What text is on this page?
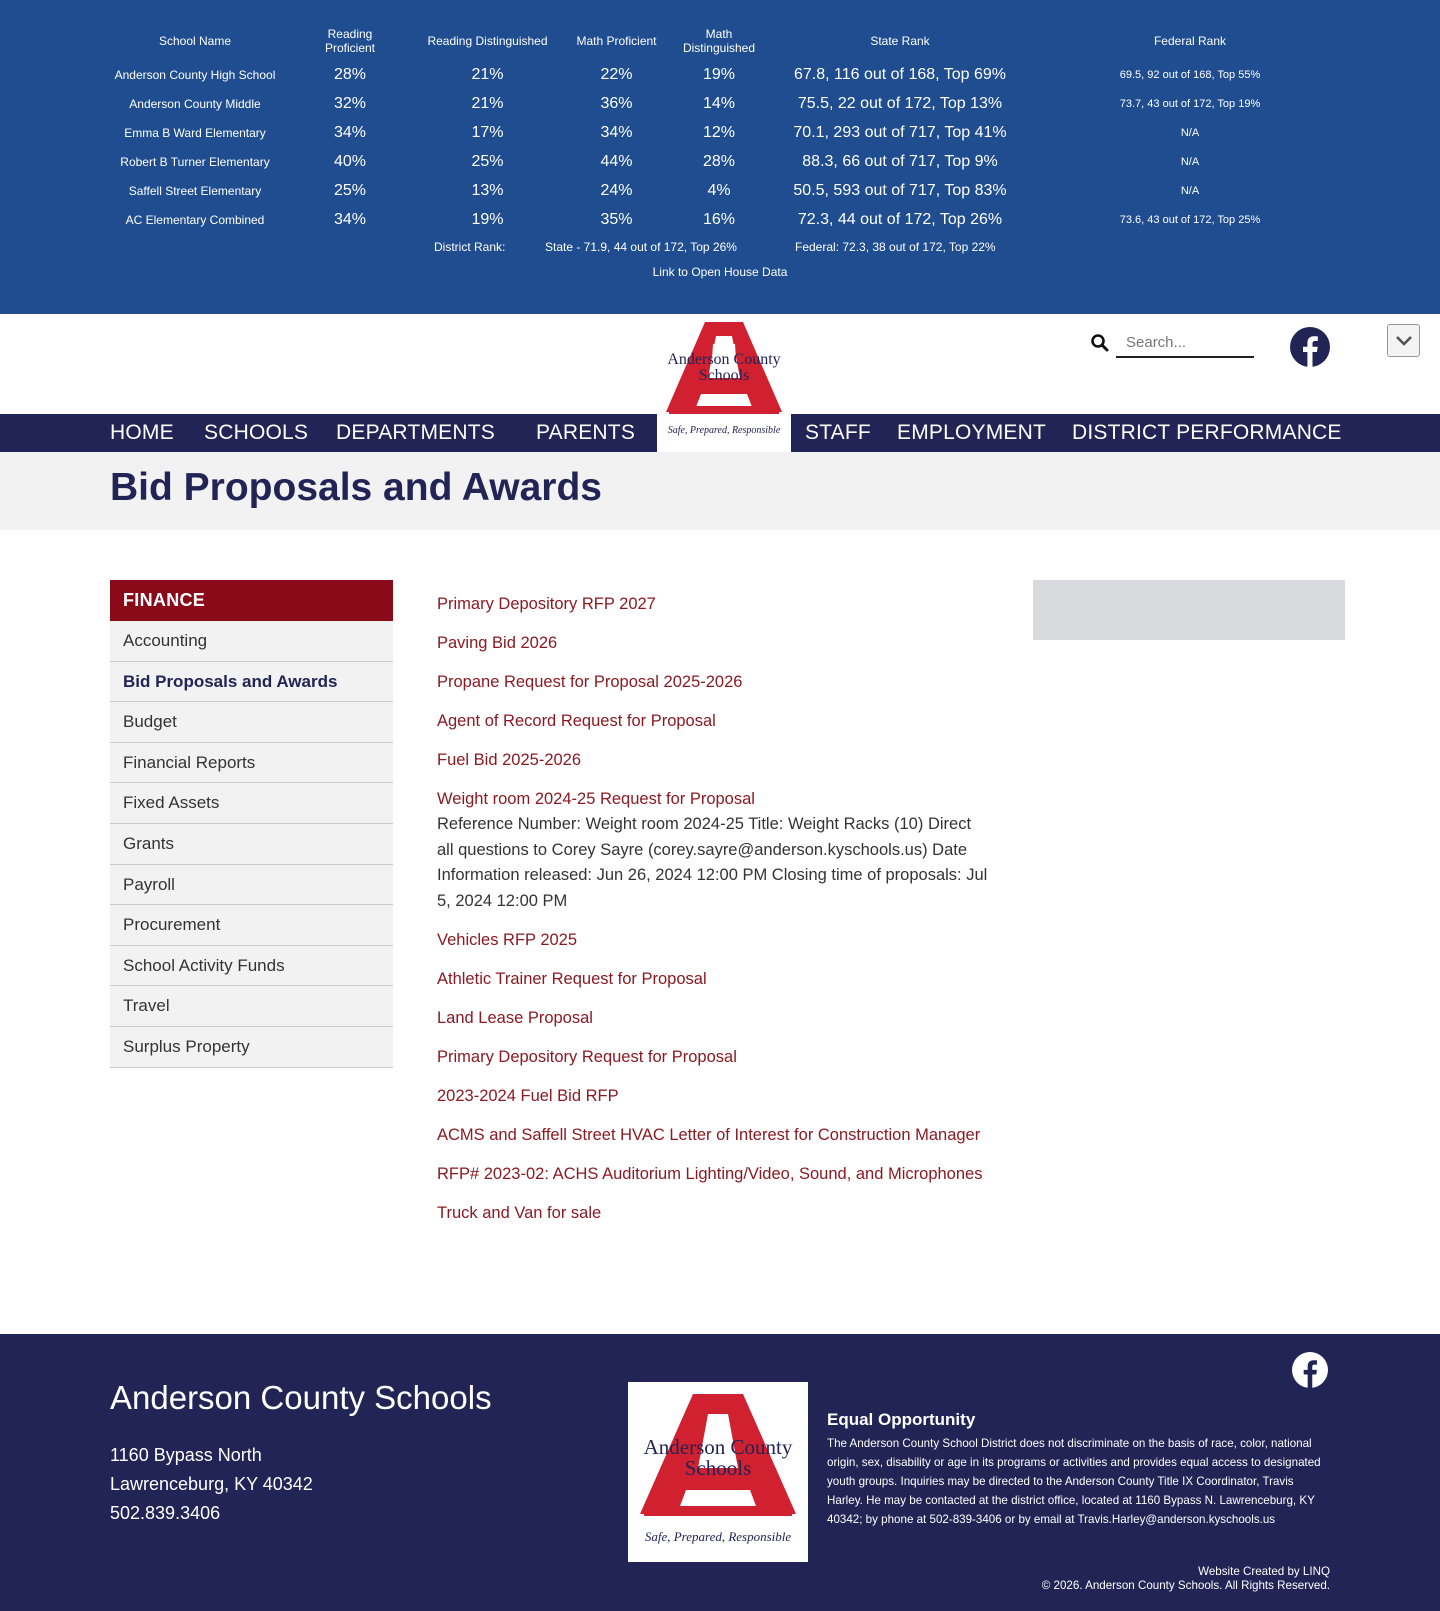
School Name	Reading Proficient	Reading Distinguished	Math Proficient	Math Distinguished	State Rank	Federal Rank
Anderson County High School	28%	21%	22%	19%	67.8, 116 out of 168, Top 69%	69.5, 92 out of 168, Top 55%
Anderson County Middle	32%	21%	36%	14%	75.5, 22 out of 172, Top 13%	73.7, 43 out of 172, Top 19%
Emma B Ward Elementary	34%	17%	34%	12%	70.1, 293 out of 717, Top 41%	N/A
Robert B Turner Elementary	40%	25%	44%	28%	88.3, 66 out of 717, Top 9%	N/A
Saffell Street Elementary	25%	13%	24%	4%	50.5, 593 out of 717, Top 83%	N/A
AC Elementary Combined	34%	19%	35%	16%	72.3, 44 out of 172, Top 26%	73.6, 43 out of 172, Top 25%
District Rank:	State - 71.9, 44 out of 172, Top 26%	Federal: 72.3, 38 out of 172, Top 22%
Link to Open House Data
Search...
Anderson County
Schools
Safe, Prepared, Responsible
HOME SCHOOLS DEPARTMENTS PARENTS	STAFF EMPLOYMENT DISTRICT PERFORMANCE
Bid Proposals and Awards
FINANCE
Accounting
Bid Proposals and Awards
Budget
Financial Reports
Fixed Assets
Grants
Payroll
Procurement
School Activity Funds
Travel
Surplus Property
Primary Depository RFP 2027
Paving Bid 2026
Propane Request for Proposal 2025-2026
Agent of Record Request for Proposal
Fuel Bid 2025-2026
Weight room 2024-25 Request for Proposal

Reference Number: Weight room 2024-25 Title: Weight Racks (10) Direct all questions to Corey Sayre (corey.sayre@anderson.kyschools.us) Date Information released: Jun 26, 2024 12:00 PM Closing time of proposals: Jul 5, 2024 12:00 PM

Vehicles RFP 2025
Athletic Trainer Request for Proposal
Land Lease Proposal
Primary Depository Request for Proposal
2023-2024 Fuel Bid RFP
ACMS and Saffell Street HVAC Letter of Interest for Construction Manager
RFP# 2023-02: ACHS Auditorium Lighting/Video, Sound, and Microphones
Truck and Van for sale
Anderson County Schools
1160 Bypass North
Lawrenceburg, KY 40342
502.839.3406
Anderson County
Schools
Safe, Prepared, Responsible
Equal Opportunity
The Anderson County School District does not discriminate on the basis of race, color, national origin, sex, disability or age in its programs or activities and provides equal access to designated youth groups. Inquiries may be directed to the Anderson County Title IX Coordinator, Travis Harley. He may be contacted at the district office, located at 1160 Bypass N. Lawrenceburg, KY 40342; by phone at 502-839-3406 or by email at Travis.Harley@anderson.kyschools.us
Website Created by LINQ
© 2026. Anderson County Schools. All Rights Reserved.
